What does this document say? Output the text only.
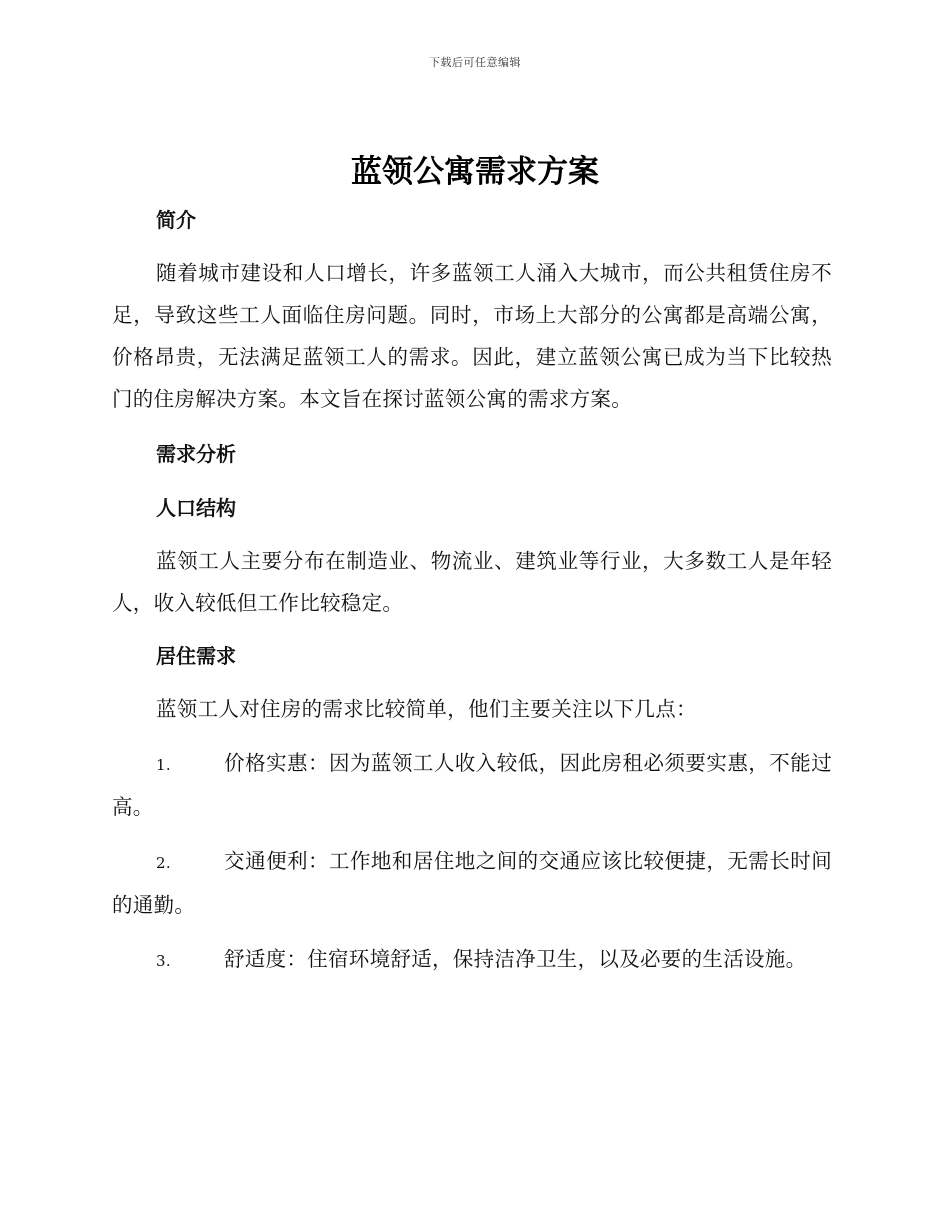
下载后可任意编辑
蓝领公寓需求方案
简介

随着城市建设和人口增长，许多蓝领工人涌入大城市，而公共租赁住房不足，导致这些工人面临住房问题。同时，市场上大部分的公寓都是高端公寓，价格昂贵，无法满足蓝领工人的需求。因此，建立蓝领公寓已成为当下比较热门的住房解决方案。本文旨在探讨蓝领公寓的需求方案。

需求分析
人口结构

蓝领工人主要分布在制造业、物流业、建筑业等行业，大多数工人是年轻人，收入较低但工作比较稳定。

居住需求

蓝领工人对住房的需求比较简单，他们主要关注以下几点：

1.	价格实惠：因为蓝领工人收入较低，因此房租必须要实惠，不能过高。

2.	交通便利：工作地和居住地之间的交通应该比较便捷，无需长时间的通勤。

3.	舒适度：住宿环境舒适，保持洁净卫生，以及必要的生活设施。
